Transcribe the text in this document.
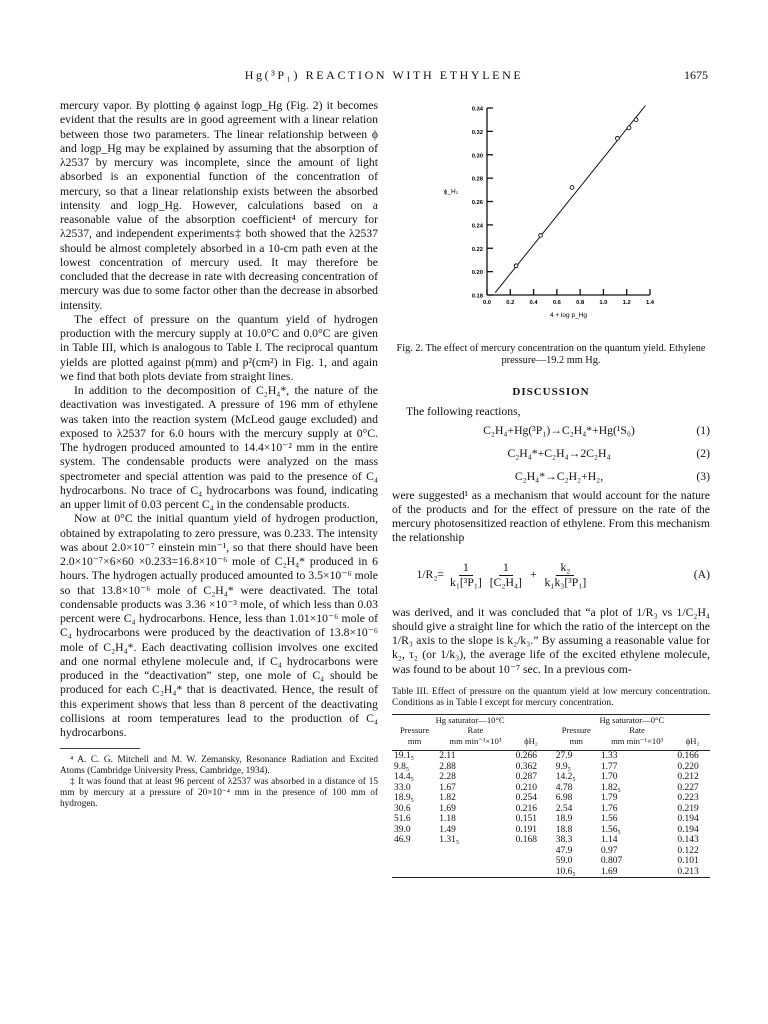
Hg(³P₁) REACTION WITH ETHYLENE	1675

mercury vapor. By plotting ϕ against logp_Hg (Fig. 2) it becomes evident that the results are in good agreement with a linear relation between those two parameters. The linear relationship between ϕ and logp_Hg may be explained by assuming that the absorption of λ2537 by mercury was incomplete, since the amount of light absorbed is an exponential function of the concentration of mercury, so that a linear relationship exists between the absorbed intensity and logp_Hg. However, calculations based on a reasonable value of the absorption coefficient⁴ of mercury for λ2537, and independent experiments‡ both showed that the λ2537 should be almost completely absorbed in a 10-cm path even at the lowest concentration of mercury used. It may therefore be concluded that the decrease in rate with decreasing concentration of mercury was due to some factor other than the decrease in absorbed intensity.

The effect of pressure on the quantum yield of hydrogen production with the mercury supply at 10.0°C and 0.0°C are given in Table III, which is analogous to Table I. The reciprocal quantum yields are plotted against p(mm) and p²(cm²) in Fig. 1, and again we find that both plots deviate from straight lines.

In addition to the decomposition of C₂H₄*, the nature of the deactivation was investigated. A pressure of 196 mm of ethylene was taken into the reaction system (McLeod gauge excluded) and exposed to λ2537 for 6.0 hours with the mercury supply at 0°C. The hydrogen produced amounted to 14.4×10⁻² mm in the entire system. The condensable products were analyzed on the mass spectrometer and special attention was paid to the presence of C₄ hydrocarbons. No trace of C₄ hydrocarbons was found, indicating an upper limit of 0.03 percent C₄ in the condensable products.

Now at 0°C the initial quantum yield of hydrogen production, obtained by extrapolating to zero pressure, was 0.233. The intensity was about 2.0×10⁻⁷ einstein min⁻¹, so that there should have been 2.0×10⁻⁷×6×60 ×0.233=16.8×10⁻⁶ mole of C₂H₄* produced in 6 hours. The hydrogen actually produced amounted to 3.5×10⁻⁶ mole so that 13.8×10⁻⁶ mole of C₂H₄* were deactivated. The total condensable products was 3.36 ×10⁻³ mole, of which less than 0.03 percent were C₄ hydrocarbons. Hence, less than 1.01×10⁻⁶ mole of C₄ hydrocarbons were produced by the deactivation of 13.8×10⁻⁶ mole of C₂H₄*. Each deactivating collision involves one excited and one normal ethylene molecule and, if C₄ hydrocarbons were produced in the “deactivation” step, one mole of C₄ should be produced for each C₂H₄* that is deactivated. Hence, the result of this experiment shows that less than 8 percent of the deactivating collisions at room temperatures lead to the production of C₄ hydrocarbons.

⁴ A. C. G. Mitchell and M. W. Zemansky, Resonance Radiation and Excited Atoms (Cambridge University Press, Cambridge, 1934).

‡ It was found that at least 96 percent of λ2537 was absorbed in a distance of 15 mm by mercury at a pressure of 20×10⁻⁴ mm in the presence of 100 mm of hydrogen.

0.18
0.20
0.22
0.24
0.26
0.28
0.30
0.32
0.34
0.0	0.2	0.4	0.6	0.8	1.0	1.2	1.4
4 + log p_Hg
ϕ_H₂
Fig. 2. The effect of mercury concentration on the quantum yield. Ethylene pressure—19.2 mm Hg.
DISCUSSION

The following reactions,

C₂H₄+Hg(³P₁)→C₂H₄*+Hg(¹S₀)	(1)
C₂H₄*+C₂H₄→2C₂H₄	(2)
C₂H₄*→C₂H₂+H₂,	(3)

were suggested¹ as a mechanism that would account for the nature of the products and for the effect of pressure on the rate of the mercury photosensitized reaction of ethylene. From this mechanism the relationship

$1/R_2= \frac{1}{\text{k₁[³P₁]}} \frac{1}{\text{[C₂H₄]}} + \frac{\text{k₂}}{\text{k₁k₃[³P₁]}}$	(A)

was derived, and it was concluded that “a plot of 1/R₃ vs 1/C₂H₄ should give a straight line for which the ratio of the intercept on the 1/R₃ axis to the slope is k₂/k₃.” By assuming a reasonable value for k₂, τ₂ (or 1/k₃), the average life of the excited ethylene molecule, was found to be about 10⁻⁷ sec. In a previous com-

Table III. Effect of pressure on the quantum yield at low mercury concentration. Conditions as in Table I except for mercury concentration.

Hg saturator—10°C				Hg saturator—0°C		
Pressure	Rate			Pressure	Rate	
mm	mm min⁻¹×10³	ϕH₂		mm	mm min⁻¹×10³	ϕH₂

19.1₅	2.11	0.266		27.9	1.33	0.166
9.8₅	2.88	0.362		9.9₅	1.77	0.220
14.4₅	2.28	0.287		14.2₅	1.70	0.212
33.0	1.67	0.210		4.78	1.82₅	0.227
18.9₅	1.82	0.254		6.98	1.79	0.223
30.6	1.69	0.216		2.54	1.76	0.219
51.6	1.18	0.151		18.9	1.56	0.194
39.0	1.49	0.191		18.8	1.56₅	0.194
46.9	1.31₅	0.168		38.3	1.14	0.143
				47.9	0.97	0.122
				59.0	0.807	0.101
				10.6₅	1.69	0.213
